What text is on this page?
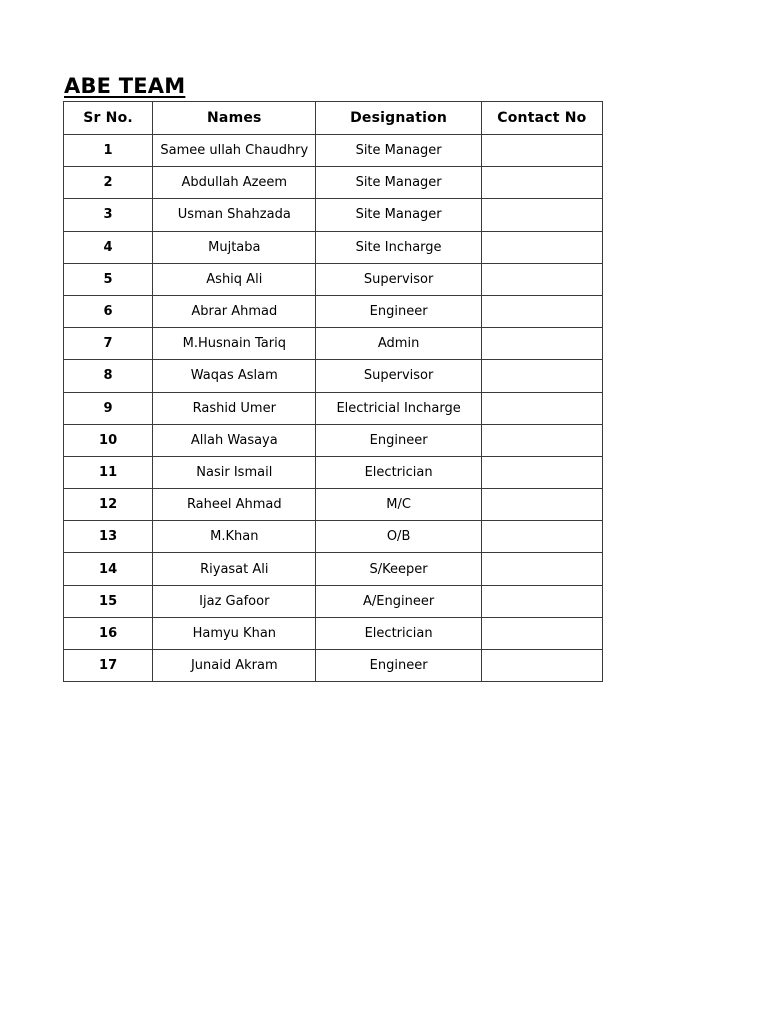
ABE TEAM
Sr No.	Names	Designation	Contact No
1	Samee ullah Chaudhry	Site Manager	
2	Abdullah Azeem	Site Manager	
3	Usman Shahzada	Site Manager	
4	Mujtaba	Site Incharge	
5	Ashiq Ali	Supervisor	
6	Abrar Ahmad	Engineer	
7	M.Husnain Tariq	Admin	
8	Waqas Aslam	Supervisor	
9	Rashid Umer	Electricial Incharge	
10	Allah Wasaya	Engineer	
11	Nasir Ismail	Electrician	
12	Raheel Ahmad	M/C	
13	M.Khan	O/B	
14	Riyasat Ali	S/Keeper	
15	Ijaz Gafoor	A/Engineer	
16	Hamyu Khan	Electrician	
17	Junaid Akram	Engineer	
